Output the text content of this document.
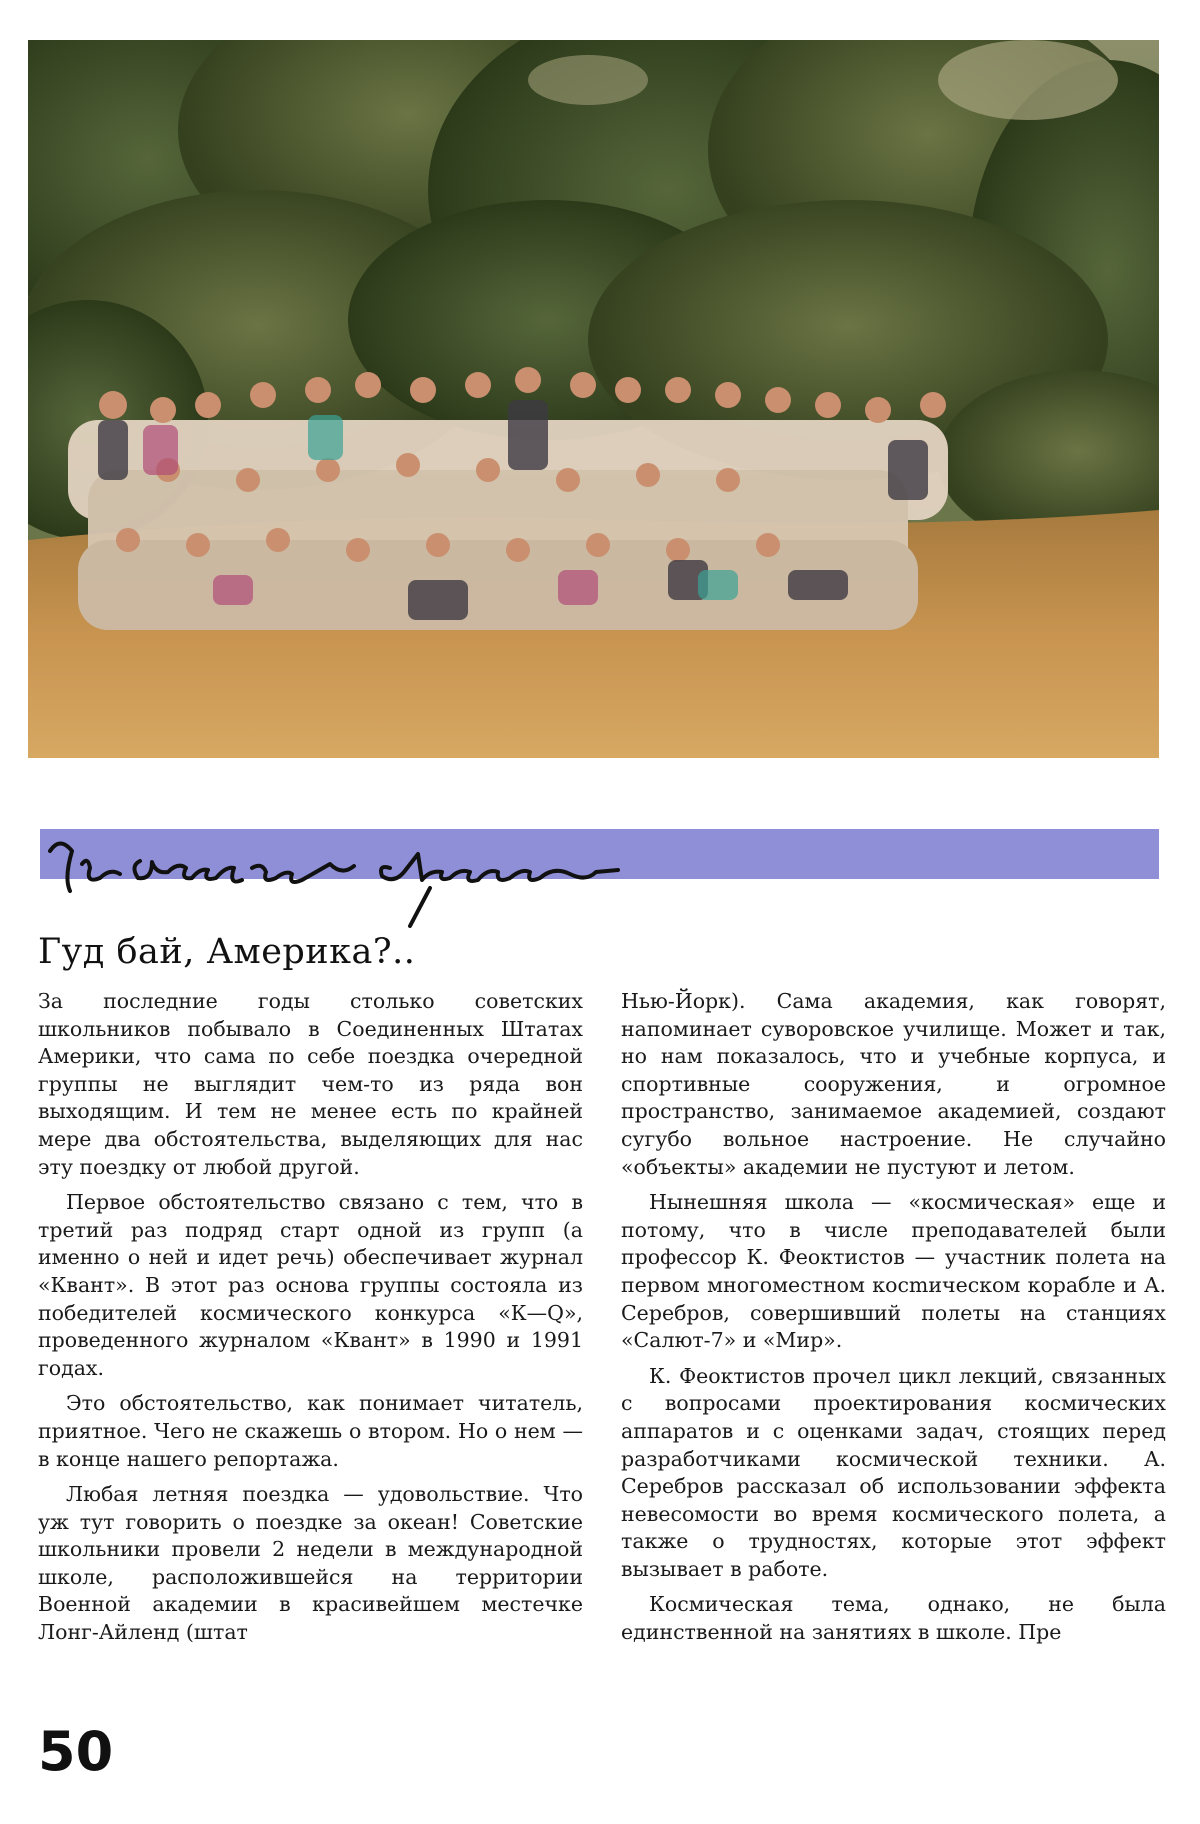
Гуд бай, Америка?..

За последние годы столько советских школьников побывало в Соединенных Штатах Америки, что сама по себе поездка очередной группы не выглядит чем-то из ряда вон выходящим. И тем не менее есть по крайней мере два обстоятельства, выделяющих для нас эту поездку от любой другой.

Первое обстоятельство связано с тем, что в третий раз подряд старт одной из групп (а именно о ней и идет речь) обеспечивает журнал «Квант». В этот раз основа группы состояла из победителей космического конкурса «К—Q», проведенного журналом «Квант» в 1990 и 1991 годах.

Это обстоятельство, как понимает читатель, приятное. Чего не скажешь о втором. Но о нем — в конце нашего репортажа.

Любая летняя поездка — удовольствие. Что уж тут говорить о поездке за океан! Советские школьники провели 2 недели в международной школе, расположившейся на территории Военной академии в красивейшем местечке Лонг-Айленд (штат

Нью-Йорк). Сама академия, как говорят, напоминает суворовское училище. Может и так, но нам показалось, что и учебные корпуса, и спортивные сооружения, и огромное пространство, занимаемое академией, создают сугубо вольное настроение. Не случайно «объекты» академии не пустуют и летом.

Нынешняя школа — «космическая» еще и потому, что в числе преподавателей были профессор К. Феоктистов — участник полета на первом многоместном косmическом корабле и А. Серебров, совершивший полеты на станциях «Салют-7» и «Мир».

К. Феоктистов прочел цикл лекций, связанных с вопросами проектирования космических аппаратов и с оценками задач, стоящих перед разработчиками космической техники. А. Серебров рассказал об использовании эффекта невесомости во время космического полета, а также о трудностях, которые этот эффект вызывает в работе.

Космическая тема, однако, не была единственной на занятиях в школе. Пре

50
